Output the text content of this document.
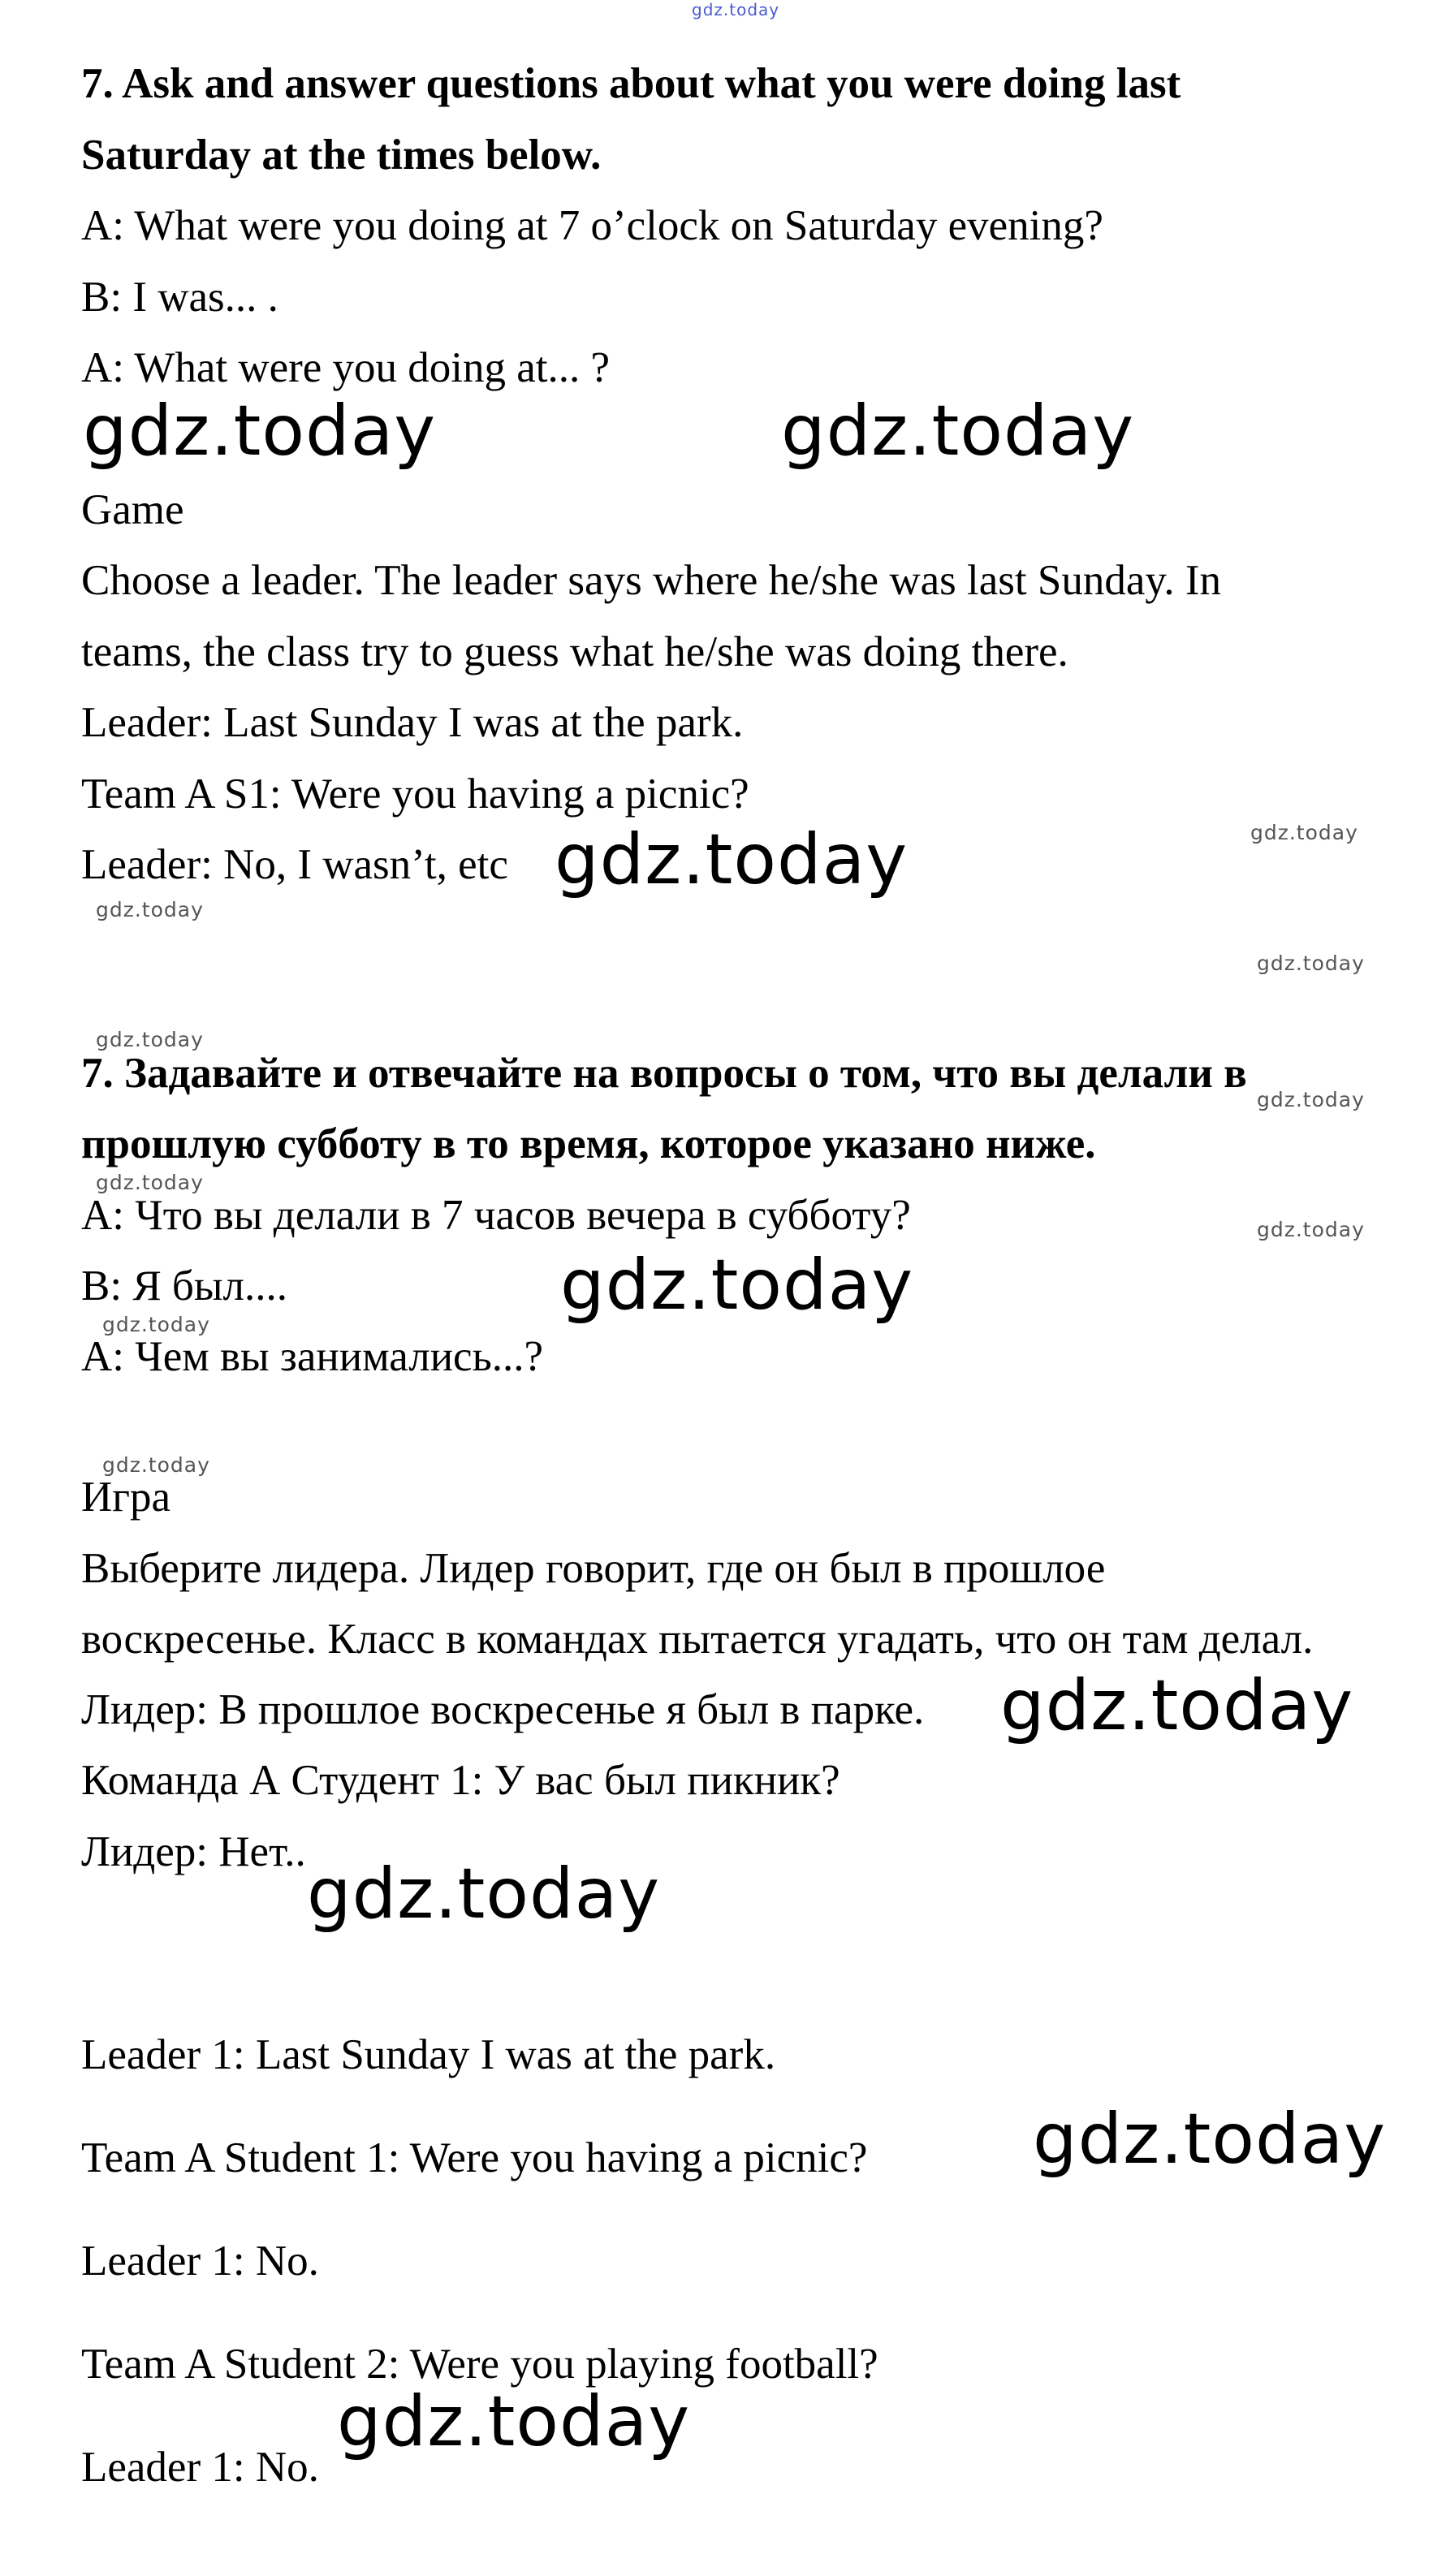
gdz.today
7. Ask and answer questions about what you were doing last
Saturday at the times below.

A: What were you doing at 7 o’clock on Saturday evening?

B: I was... .

A: What were you doing at... ?

gdz.today	gdz.today

Game

Choose a leader. The leader says where he/she was last Sunday. In

teams, the class try to guess what he/she was doing there.

Leader: Last Sunday I was at the park.

Team A S1: Were you having a picnic?

Leader: No, I wasn’t, etc gdz.today	gdz.today
gdz.today
gdz.today
gdz.today
7. Задавайте и отвечайте на вопросы о том, что вы делали в
gdz.today
прошлую субботу в то время, которое указано ниже.
gdz.today

A: Что вы делали в 7 часов вечера в субботу?	gdz.today

B: Я был....	gdz.today
gdz.today

A: Чем вы занимались...?

gdz.today

Игра

Выберите лидера. Лидер говорит, где он был в прошлое

воскресенье. Класс в командах пытается угадать, что он там делал.

Лидер: В прошлое воскресенье я был в парке. gdz.today

Команда А Студент 1: У вас был пикник?

Лидер: Нет..

gdz.today

Leader 1: Last Sunday I was at the park.

gdz.today

Team A Student 1: Were you having a picnic?

Leader 1: No.

Team A Student 2: Were you playing football?

gdz.today

Leader 1: No.
